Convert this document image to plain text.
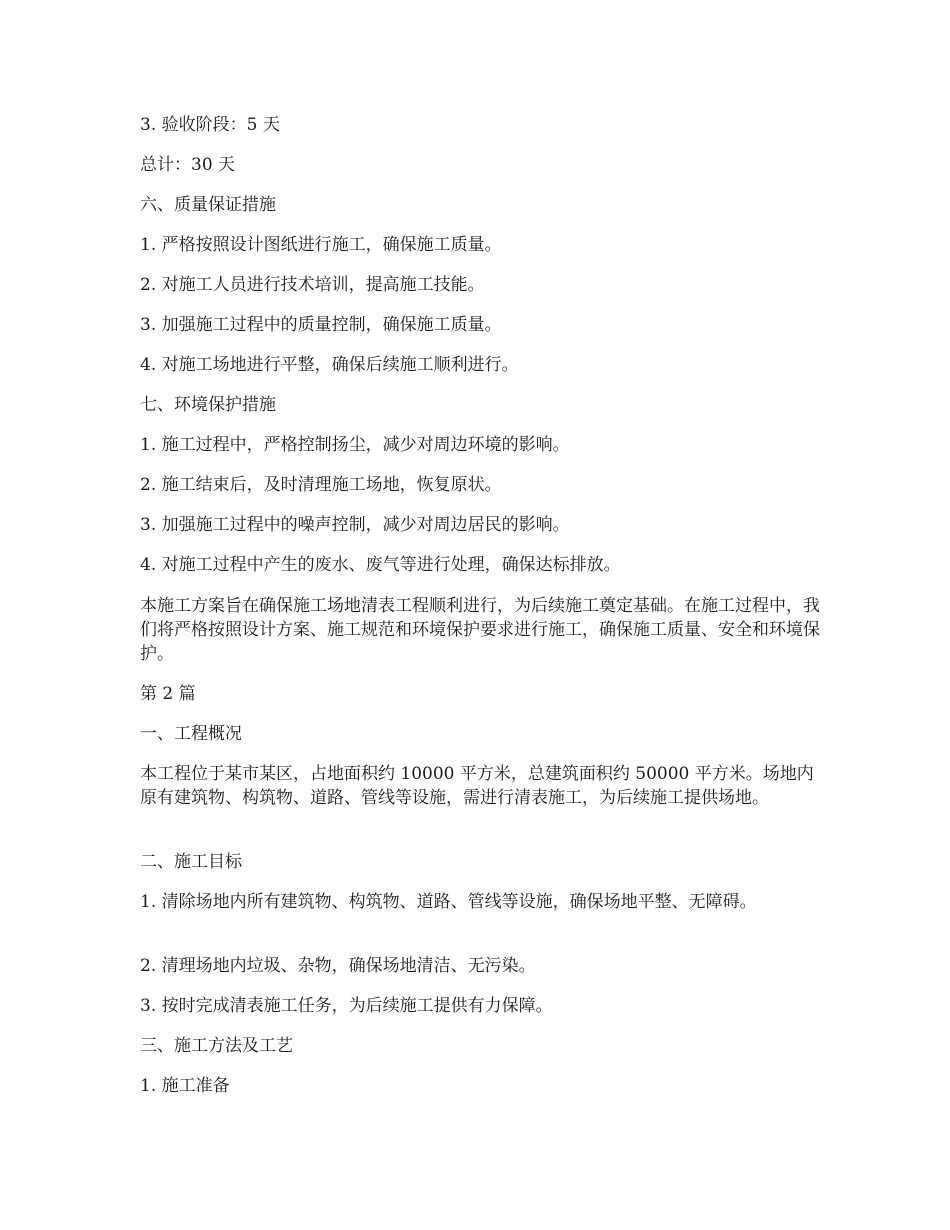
3. 验收阶段：5 天

总计：30 天

六、质量保证措施

1. 严格按照设计图纸进行施工，确保施工质量。

2. 对施工人员进行技术培训，提高施工技能。

3. 加强施工过程中的质量控制，确保施工质量。

4. 对施工场地进行平整，确保后续施工顺利进行。

七、环境保护措施

1. 施工过程中，严格控制扬尘，减少对周边环境的影响。

2. 施工结束后，及时清理施工场地，恢复原状。

3. 加强施工过程中的噪声控制，减少对周边居民的影响。

4. 对施工过程中产生的废水、废气等进行处理，确保达标排放。

本施工方案旨在确保施工场地清表工程顺利进行，为后续施工奠定基础。在施工过程中，我们将严格按照设计方案、施工规范和环境保护要求进行施工，确保施工质量、安全和环境保护。

第 2 篇

一、工程概况

本工程位于某市某区，占地面积约 10000 平方米，总建筑面积约 50000 平方米。场地内原有建筑物、构筑物、道路、管线等设施，需进行清表施工，为后续施工提供场地。

二、施工目标

1. 清除场地内所有建筑物、构筑物、道路、管线等设施，确保场地平整、无障碍。

2. 清理场地内垃圾、杂物，确保场地清洁、无污染。

3. 按时完成清表施工任务，为后续施工提供有力保障。

三、施工方法及工艺

1. 施工准备
